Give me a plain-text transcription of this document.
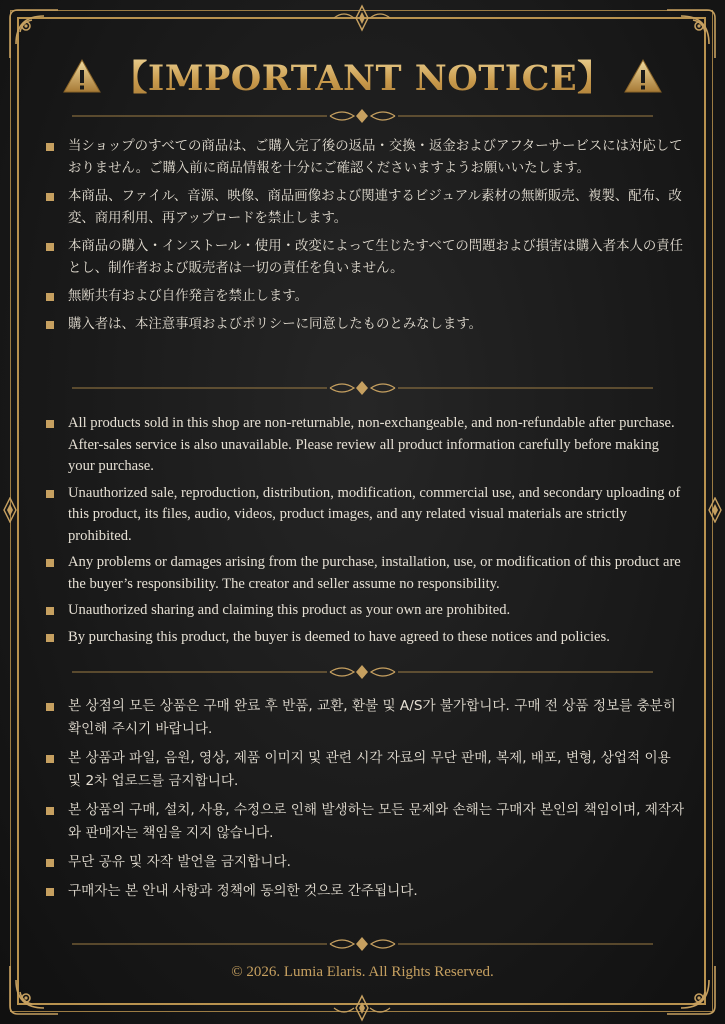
【IMPORTANT NOTICE】
当ショップのすべての商品は、ご購入完了後の返品・交換・返金およびアフターサービスには対応しておりません。ご購入前に商品情報を十分にご確認くださいますようお願いいたします。
本商品、ファイル、音源、映像、商品画像および関連するビジュアル素材の無断販売、複製、配布、改変、商用利用、再アップロードを禁止します。
本商品の購入・インストール・使用・改変によって生じたすべての問題および損害は購入者本人の責任とし、制作者および販売者は一切の責任を負いません。
無断共有および自作発言を禁止します。
購入者は、本注意事項およびポリシーに同意したものとみなします。
All products sold in this shop are non-returnable, non-exchangeable, and non-refundable after purchase. After-sales service is also unavailable. Please review all product information carefully before making your purchase.
Unauthorized sale, reproduction, distribution, modification, commercial use, and secondary uploading of this product, its files, audio, videos, product images, and any related visual materials are strictly prohibited.
Any problems or damages arising from the purchase, installation, use, or modification of this product are the buyer’s responsibility. The creator and seller assume no responsibility.
Unauthorized sharing and claiming this product as your own are prohibited.
By purchasing this product, the buyer is deemed to have agreed to these notices and policies.
본 상점의 모든 상품은 구매 완료 후 반품, 교환, 환불 및 A/S가 불가합니다. 구매 전 상품 정보를 충분히 확인해 주시기 바랍니다.
본 상품과 파일, 음원, 영상, 제품 이미지 및 관련 시각 자료의 무단 판매, 복제, 배포, 변형, 상업적 이용 및 2차 업로드를 금지합니다.
본 상품의 구매, 설치, 사용, 수정으로 인해 발생하는 모든 문제와 손해는 구매자 본인의 책임이며, 제작자와 판매자는 책임을 지지 않습니다.
무단 공유 및 자작 발언을 금지합니다.
구매자는 본 안내 사항과 정책에 동의한 것으로 간주됩니다.
© 2026. Lumia Elaris. All Rights Reserved.
